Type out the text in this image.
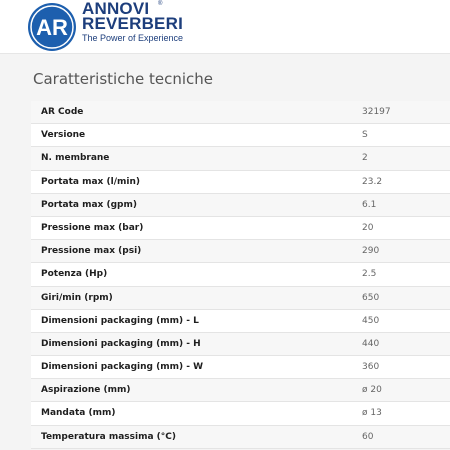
AR
ANNOVI
REVERBERI
The Power of Experience
®
Caratteristiche tecniche
AR Code	32197
Versione	S
N. membrane	2
Portata max (l/min)	23.2
Portata max (gpm)	6.1
Pressione max (bar)	20
Pressione max (psi)	290
Potenza (Hp)	2.5
Giri/min (rpm)	650
Dimensioni packaging (mm) - L	450
Dimensioni packaging (mm) - H	440
Dimensioni packaging (mm) - W	360
Aspirazione (mm)	ø 20
Mandata (mm)	ø 13
Temperatura massima (°C)	60
